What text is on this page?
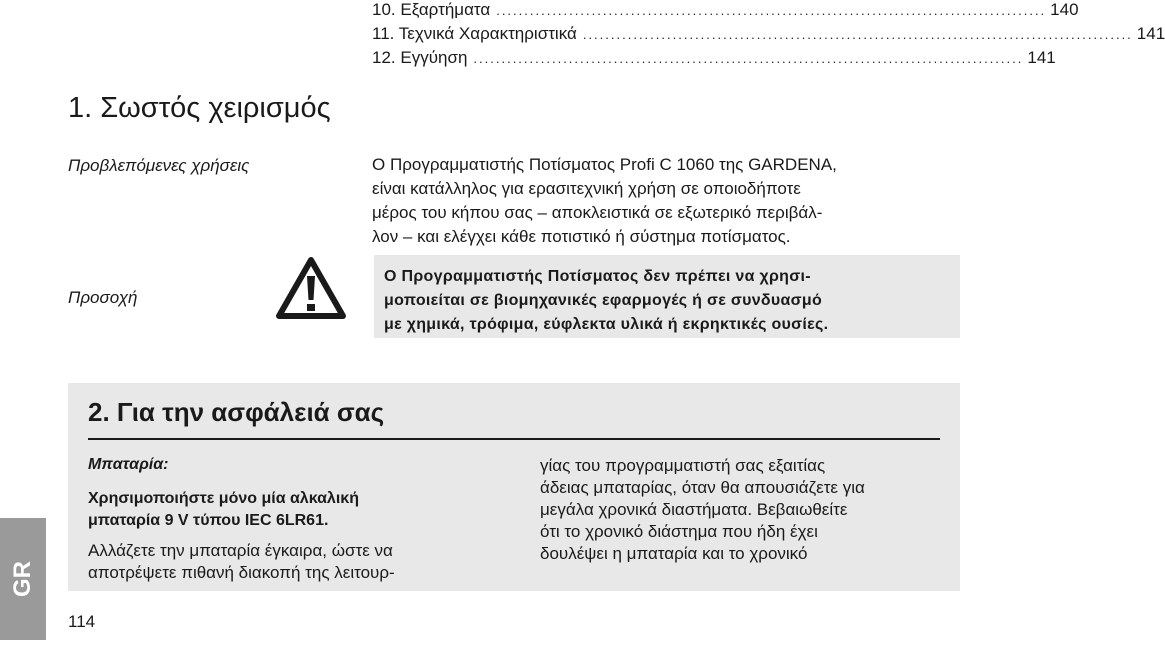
10. Εξαρτήματα .................................................................................................. 140
11. Τεχνικά Χαρακτηριστικά .................................................................................................. 141
12. Εγγύηση .................................................................................................. 141
1. Σωστός χειρισμός
Προβλεπόμενες χρήσεις	Ο Προγραμματιστής Ποτίσματος Profi C 1060 της GARDENA,
είναι κατάλληλος για ερασιτεχνική χρήση σε οποιοδήποτε
μέρος του κήπου σας – αποκλειστικά σε εξωτερικό περιβάλ-
λον – και ελέγχει κάθε ποτιστικό ή σύστημα ποτίσματος.
Προσοχή
Ο Προγραμματιστής Ποτίσματος δεν πρέπει να χρησι-
μοποιείται σε βιομηχανικές εφαρμογές ή σε συνδυασμό
με χημικά, τρόφιμα, εύφλεκτα υλικά ή εκρηκτικές ουσίες.
2. Για την ασφάλειά σας
Μπαταρία:
Χρησιμοποιήστε μόνο μία αλκαλική
μπαταρία 9 V τύπου IEC 6LR61.
Αλλάζετε την μπαταρία έγκαιρα, ώστε να
αποτρέψετε πιθανή διακοπή της λειτουρ-
γίας του προγραμματιστή σας εξαιτίας
άδειας μπαταρίας, όταν θα απουσιάζετε για
μεγάλα χρονικά διαστήματα. Βεβαιωθείτε
ότι το χρονικό διάστημα που ήδη έχει
δουλέψει η μπαταρία και το χρονικό
GR
114
